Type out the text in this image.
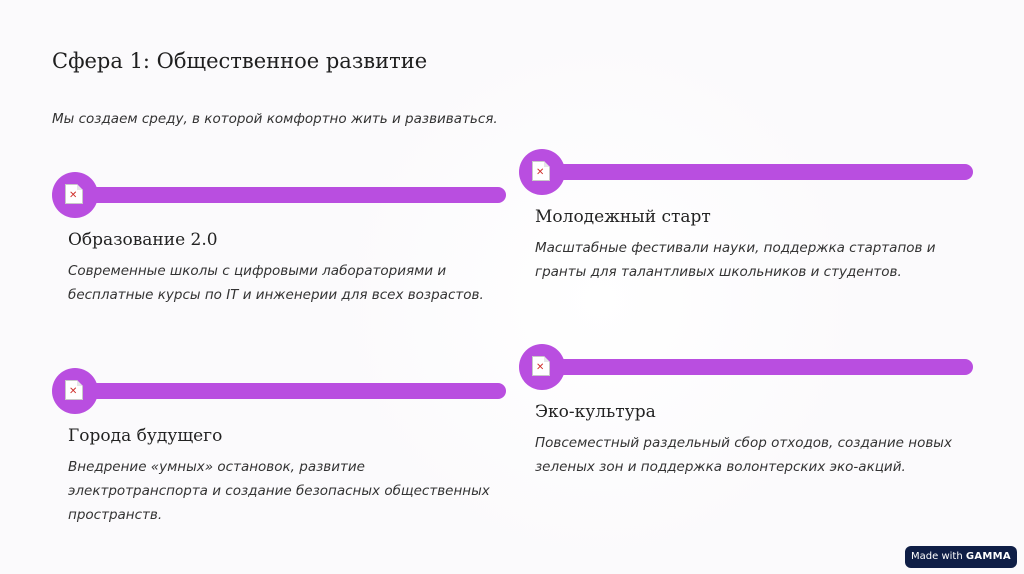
Сфера 1: Общественное развитие
Мы создаем среду, в которой комфортно жить и развиваться.
✕
Образование 2.0
Современные школы с цифровыми лабораториями и бесплатные курсы по IT и инженерии для всех возрастов.
✕
Молодежный старт
Масштабные фестивали науки, поддержка стартапов и гранты для талантливых школьников и студентов.
✕
Города будущего
Внедрение «умных» остановок, развитие электротранспорта и создание безопасных общественных пространств.
✕
Эко-культура
Повсеместный раздельный сбор отходов, создание новых зеленых зон и поддержка волонтерских эко-акций.
Made with GAMMA
